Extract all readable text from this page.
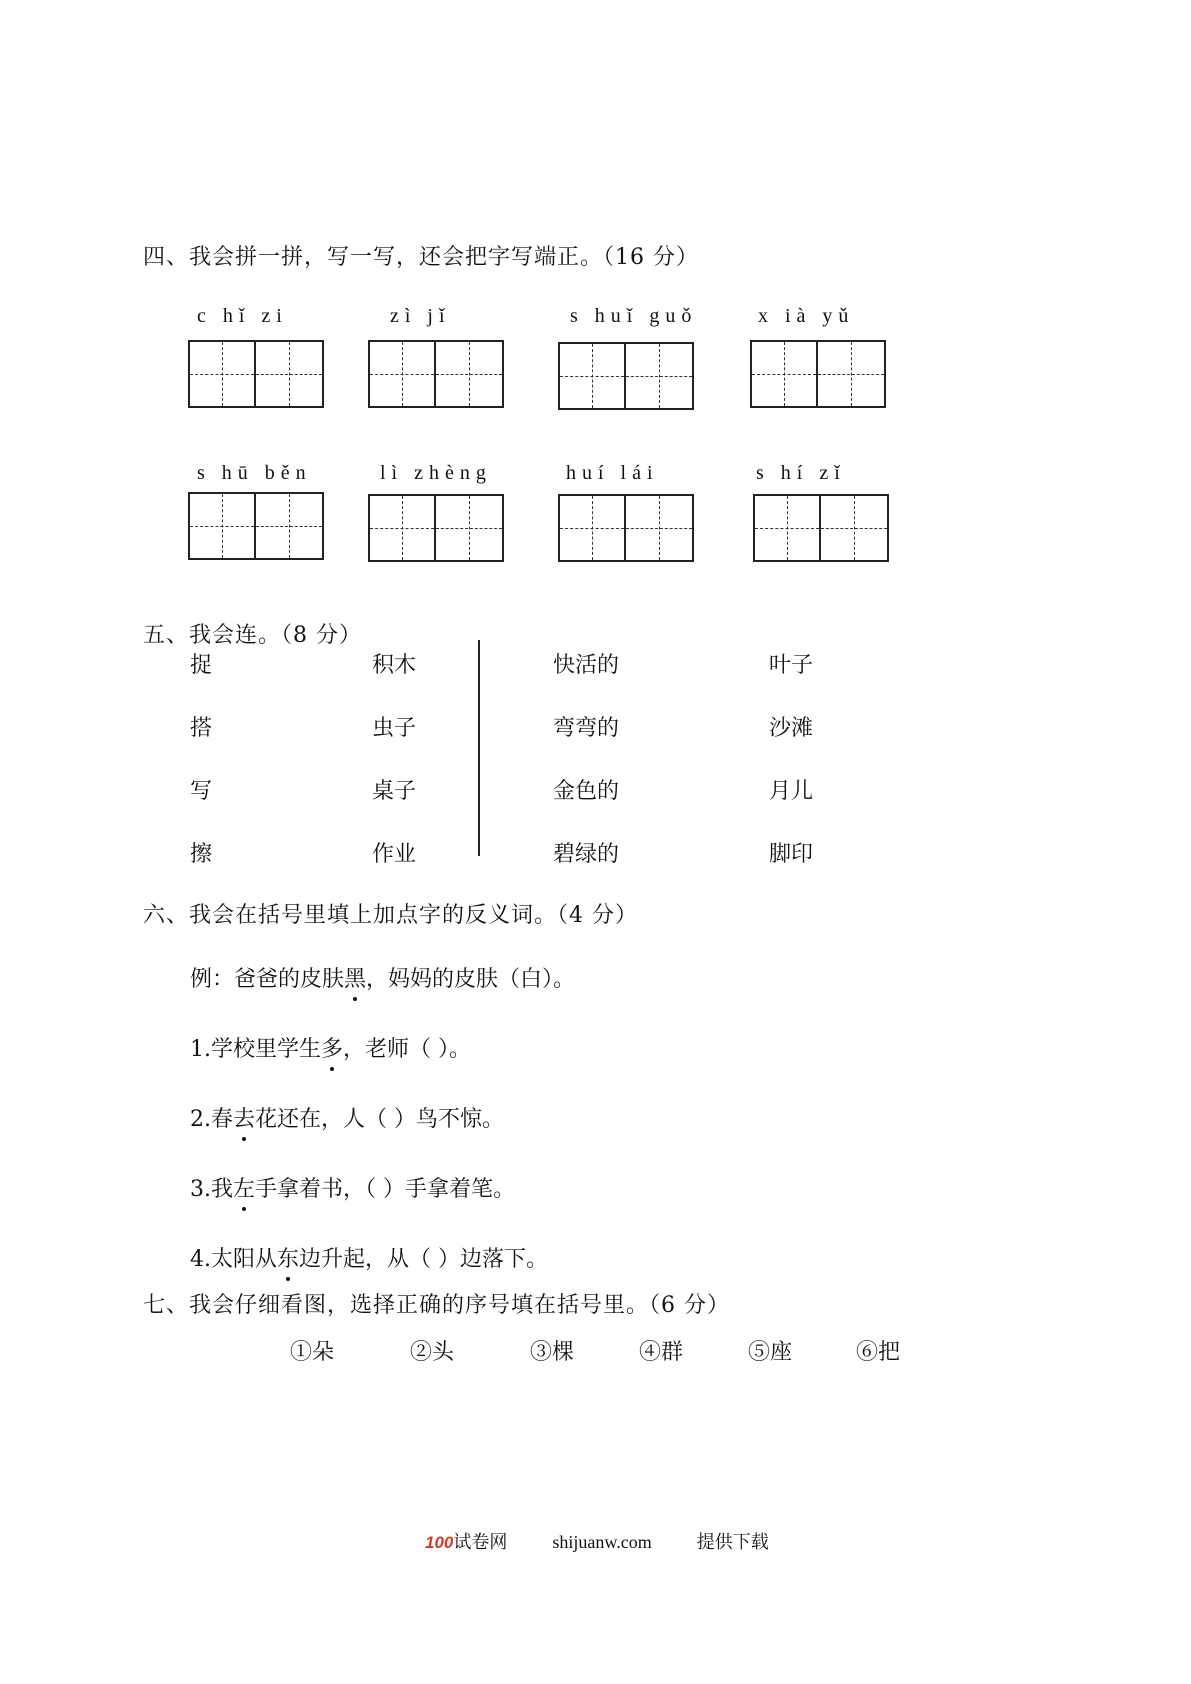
四、我会拼一拼，写一写，还会把字写端正。（16 分）
c hǐ zi	zì jǐ	s huǐ guǒ	x ià yǔ
s hū běn	lì zhèng	huí lái	s hí zǐ
五、我会连。（8 分）
捉
搭
写
擦
积木
虫子
桌子
作业
快活的
弯弯的
金色的
碧绿的
叶子
沙滩
月儿
脚印
六、我会在括号里填上加点字的反义词。（4 分）
例：爸爸的皮肤黑，妈妈的皮肤（白）。
1.学校里学生多，老师（ ）。
2.春去花还在，人（ ）鸟不惊。
3.我左手拿着书，（ ）手拿着笔。
4.太阳从东边升起，从（ ）边落下。
七、我会仔细看图，选择正确的序号填在括号里。（6 分）
①朵	②头	③棵	④群	⑤座	⑥把
100试卷网	shijuanw.com	提供下载
